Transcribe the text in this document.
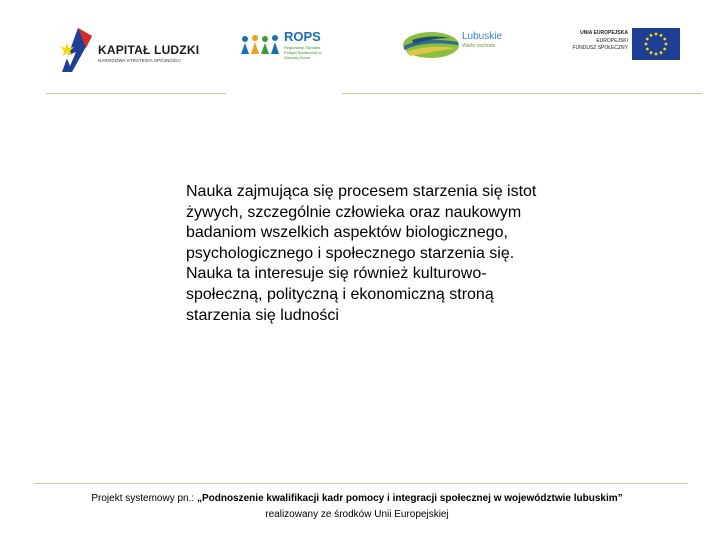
KAPITAŁ LUDZKI
NARODOWA STRATEGIA SPÓJNOŚCI
ROPS
Regionalny Ośrodek Polityki Społecznej w Zielonej Górze
Lubuskie
Warte zachodu
UNIA EUROPEJSKA
EUROPEJSKI
FUNDUSZ SPOŁECZNY
Nauka zajmująca się procesem starzenia się istot żywych, szczególnie człowieka oraz naukowym badaniom wszelkich aspektów biologicznego, psychologicznego i społecznego starzenia się. Nauka ta interesuje się również kulturowo-społeczną, polityczną i ekonomiczną stroną starzenia się ludności
Projekt systemowy pn.: „Podnoszenie kwalifikacji kadr pomocy i integracji społecznej w województwie lubuskim”
realizowany ze środków Unii Europejskiej
